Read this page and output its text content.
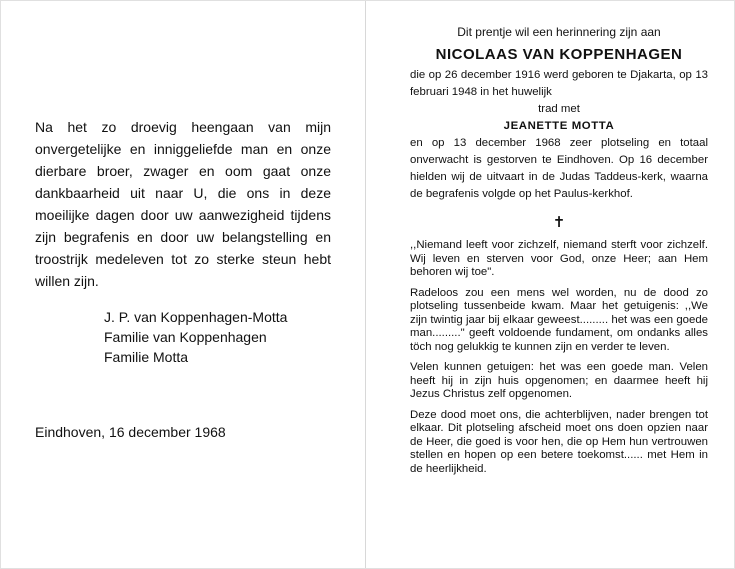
Na het zo droevig heengaan van mijn onvergetelijke en inniggeliefde man en onze dierbare broer, zwager en oom gaat onze dankbaarheid uit naar U, die ons in deze moeilijke dagen door uw aanwezigheid tijdens zijn begrafenis en door uw belangstelling en troostrijk medeleven tot zo sterke steun hebt willen zijn.

J. P. van Koppenhagen-Motta
Familie van Koppenhagen
Familie Motta

Eindhoven, 16 december 1968

Dit prentje wil een herinnering zijn aan

NICOLAAS VAN KOPPENHAGEN

die op 26 december 1916 werd geboren te Djakarta, op 13 februari 1948 in het huwelijk
trad met
JEANETTE MOTTA
en op 13 december 1968 zeer plotseling en totaal onverwacht is gestorven te Eindhoven. Op 16 december hielden wij de uitvaart in de Judas Taddeus-kerk, waarna de begrafenis volgde op het Paulus-kerkhof.

✝

,,Niemand leeft voor zichzelf, niemand sterft voor zichzelf. Wij leven en sterven voor God, onze Heer; aan Hem behoren wij toe".

Radeloos zou een mens wel worden, nu de dood zo plotseling tussenbeide kwam. Maar het getuigenis: ,,We zijn twintig jaar bij elkaar geweest......... het was een goede man........." geeft voldoende fundament, om ondanks alles töch nog gelukkig te kunnen zijn en verder te leven.

Velen kunnen getuigen: het was een goede man. Velen heeft hij in zijn huis opgenomen; en daarmee heeft hij Jezus Christus zelf opgenomen.

Deze dood moet ons, die achterblijven, nader brengen tot elkaar. Dit plotseling afscheid moet ons doen opzien naar de Heer, die goed is voor hen, die op Hem hun vertrouwen stellen en hopen op een betere toekomst...... met Hem in de heerlijkheid.
